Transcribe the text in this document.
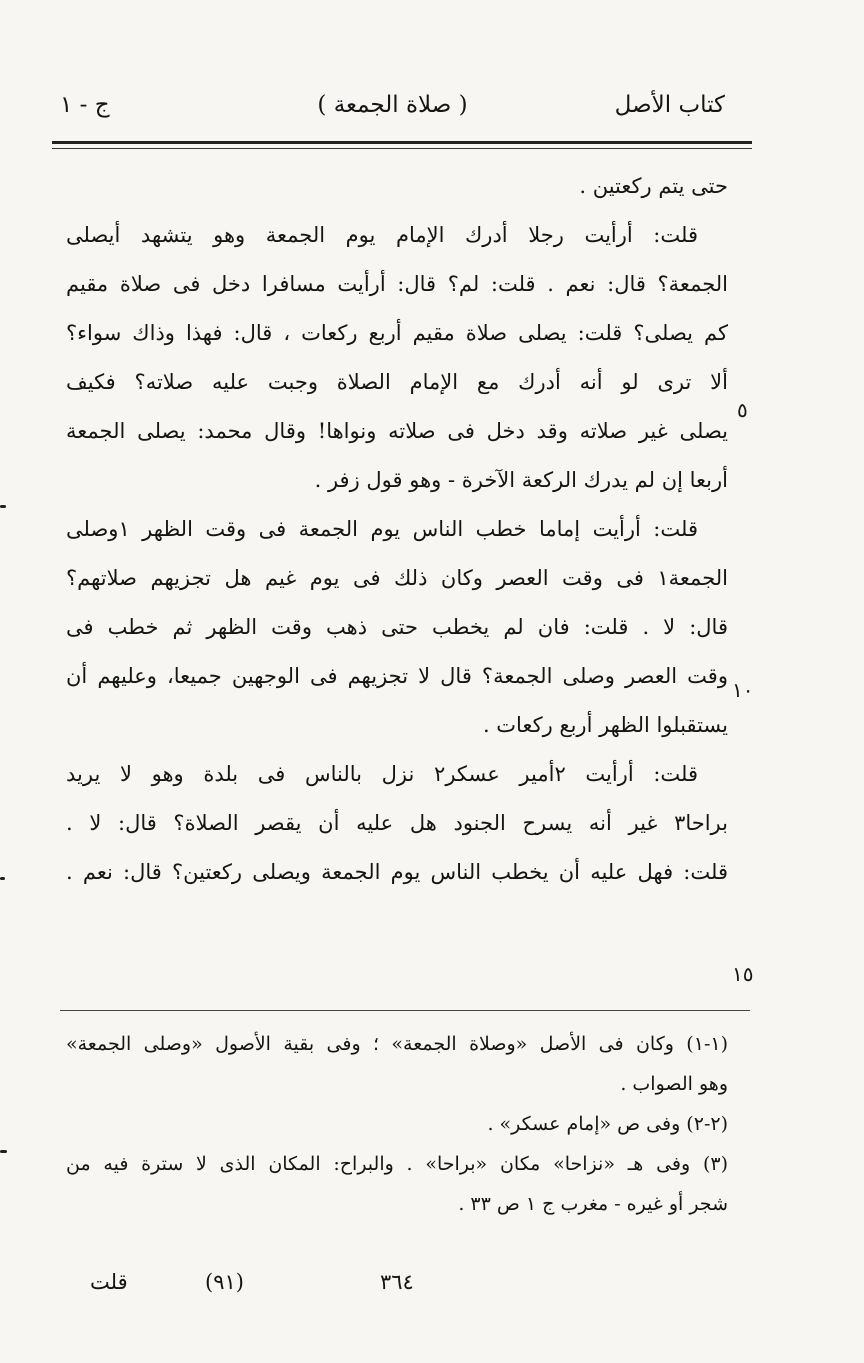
كتاب الأصل
( صلاة الجمعة )
ج - ١
حتى يتم ركعتين .
قلت: أرأيت رجلا أدرك الإمام يوم الجمعة وهو يتشهد أيصلى
الجمعة؟ قال: نعم . قلت: لم؟ قال: أرأيت مسافرا دخل فى صلاة مقيم
كم يصلى؟ قلت: يصلى صلاة مقيم أربع ركعات ، قال: فهذا وذاك سواء؟
ألا ترى لو أنه أدرك مع الإمام الصلاة وجبت عليه صلاته؟ فكيف
يصلى غير صلاته وقد دخل فى صلاته ونواها! وقال محمد: يصلى الجمعة
أربعا إن لم يدرك الركعة الآخرة - وهو قول زفر .
قلت: أرأيت إماما خطب الناس يوم الجمعة فى وقت الظهر ١وصلى
الجمعة١ فى وقت العصر وكان ذلك فى يوم غيم هل تجزيهم صلاتهم؟
قال: لا . قلت: فان لم يخطب حتى ذهب وقت الظهر ثم خطب فى
وقت العصر وصلى الجمعة؟ قال لا تجزيهم فى الوجهين جميعا، وعليهم أن
يستقبلوا الظهر أربع ركعات .
قلت: أرأيت ٢أمير عسكر٢ نزل بالناس فى بلدة وهو لا يريد
براحا٣ غير أنه يسرح الجنود هل عليه أن يقصر الصلاة؟ قال: لا .
قلت: فهل عليه أن يخطب الناس يوم الجمعة ويصلى ركعتين؟ قال: نعم .
٥
١٠
١٥
(١-١) وكان فى الأصل «وصلاة الجمعة» ؛ وفى بقية الأصول «وصلى الجمعة»
وهو الصواب .
(٢-٢) وفى ص «إمام عسكر» .
(٣) وفى هـ «نزاحا» مكان «براحا» . والبراح: المكان الذى لا سترة فيه من
شجر أو غيره - مغرب ج ١ ص ٣٣ .
قلت	(٩١)	٣٦٤
